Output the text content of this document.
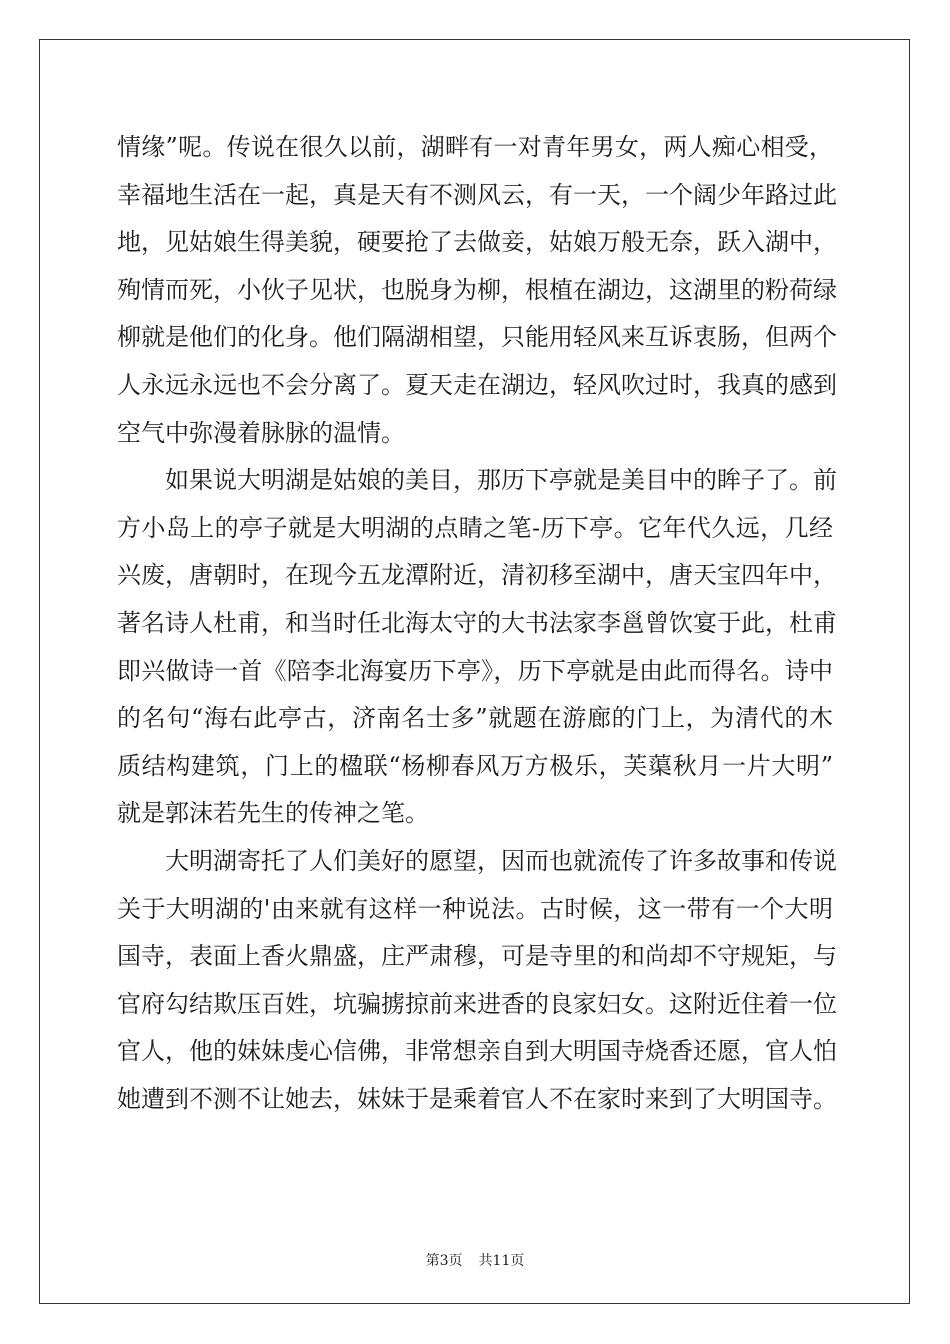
情缘”呢。传说在很久以前，湖畔有一对青年男女，两人痴心相受，
幸福地生活在一起，真是天有不测风云，有一天，一个阔少年路过此
地，见姑娘生得美貌，硬要抢了去做妾，姑娘万般无奈，跃入湖中，
殉情而死，小伙子见状，也脱身为柳，根植在湖边，这湖里的粉荷绿
柳就是他们的化身。他们隔湖相望，只能用轻风来互诉衷肠，但两个
人永远永远也不会分离了。夏天走在湖边，轻风吹过时，我真的感到
空气中弥漫着脉脉的温情。
如果说大明湖是姑娘的美目，那历下亭就是美目中的眸子了。前
方小岛上的亭子就是大明湖的点睛之笔-历下亭。它年代久远，几经
兴废，唐朝时，在现今五龙潭附近，清初移至湖中，唐天宝四年中，
著名诗人杜甫，和当时任北海太守的大书法家李邕曾饮宴于此，杜甫
即兴做诗一首《陪李北海宴历下亭》，历下亭就是由此而得名。诗中
的名句“海右此亭古，济南名士多”就题在游廊的门上，为清代的木
质结构建筑，门上的楹联“杨柳春风万方极乐，芙蕖秋月一片大明”
就是郭沫若先生的传神之笔。
大明湖寄托了人们美好的愿望，因而也就流传了许多故事和传说
关于大明湖的'由来就有这样一种说法。古时候，这一带有一个大明
国寺，表面上香火鼎盛，庄严肃穆，可是寺里的和尚却不守规矩，与
官府勾结欺压百姓，坑骗掳掠前来进香的良家妇女。这附近住着一位
官人，他的妹妹虔心信佛，非常想亲自到大明国寺烧香还愿，官人怕
她遭到不测不让她去，妹妹于是乘着官人不在家时来到了大明国寺。
第3页 共11页
